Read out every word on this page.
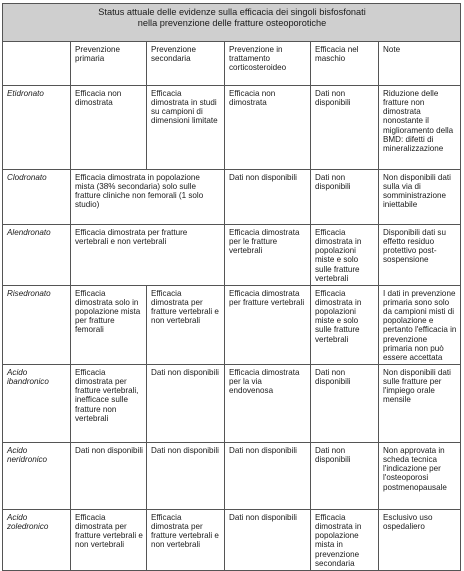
Status attuale delle evidenze sulla efficacia dei singoli bisfosfonati
nella prevenzione delle fratture osteoporotiche					

	Prevenzione primaria	Prevenzione secondaria	Prevenzione in trattamento corticosteroideo	Efficacia nel maschio	Note
Etidronato	Efficacia non dimostrata	Efficacia dimostrata in studi su campioni di dimensioni limitate	Efficacia non dimostrata	Dati non disponibili	Riduzione delle fratture non dimostrata nonostante il miglioramento della BMD: difetti di mineralizzazione
Clodronato	Efficacia dimostrata in popolazione mista (38% secondaria) solo sulle fratture cliniche non femorali (1 solo studio)		Dati non disponibili	Dati non disponibili	Non disponibili dati sulla via di somministrazione iniettabile
Alendronato	Efficacia dimostrata per fratture vertebrali e non vertebrali		Efficacia dimostrata per le fratture vertebrali	Efficacia dimostrata in popolazioni miste e solo sulle fratture vertebrali	Disponibili dati su effetto residuo protettivo post-sospensione
Risedronato	Efficacia dimostrata solo in popolazione mista per fratture femorali	Efficacia dimostrata per fratture vertebrali e non vertebrali	Efficacia dimostrata per fratture vertebrali	Efficacia dimostrata in popolazioni miste e solo sulle fratture vertebrali	I dati in prevenzione primaria sono solo da campioni misti di popolazione e pertanto l'efficacia in prevenzione primaria non può essere accettata
Acido ibandronico	Efficacia dimostrata per fratture vertebrali, inefficace sulle fratture non vertebrali	Dati non disponibili	Efficacia dimostrata per la via endovenosa	Dati non disponibili	Non disponibili dati sulle fratture per l'impiego orale mensile
Acido neridronico	Dati non disponibili	Dati non disponibili	Dati non disponibili	Dati non disponibili	Non approvata in scheda tecnica l'indicazione per l'osteoporosi postmenopausale
Acido zoledronico	Efficacia dimostrata per fratture vertebrali e non vertebrali	Efficacia dimostrata per fratture vertebrali e non vertebrali	Dati non disponibili	Efficacia dimostrata in popolazione mista in prevenzione secondaria	Esclusivo uso ospedaliero
